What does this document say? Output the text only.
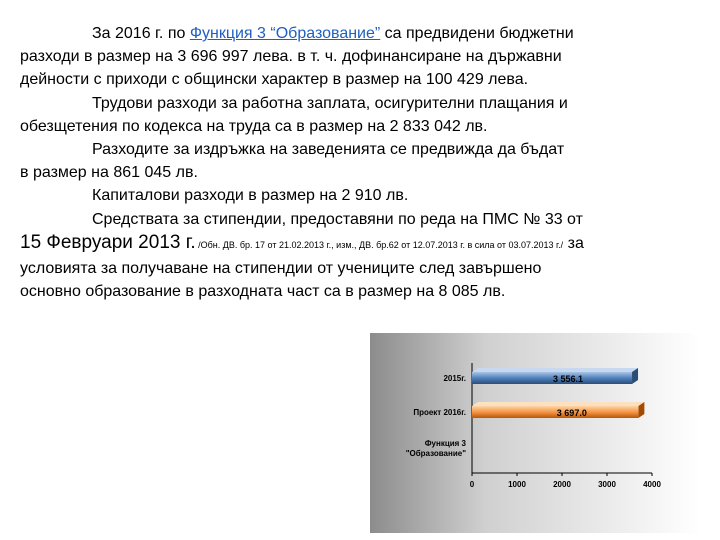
За 2016 г. по Функция 3 “Образование” са предвидени бюджетни
разходи в размер на 3 696 997 лева. в т. ч. дофинансиране на държавни
дейности с приходи с общински характер в размер на 100 429 лева.
Трудови разходи за работна заплата, осигурителни плащания и
обезщетения по кодекса на труда са в размер на 2 833 042 лв.
Разходите за издръжка на заведенията се предвижда да бъдат
в размер на 861 045 лв.
Капиталови разходи в размер на 2 910 лв.
Средствата за стипендии, предоставяни по реда на ПМС № 33 от
15 Февруари 2013 г. /Обн. ДВ. бр. 17 от 21.02.2013 г., изм., ДВ. бр.62 от 12.07.2013 г. в сила от 03.07.2013 г./ за
условията за получаване на стипендии от учениците след завършено
основно образование в разходната част са в размер на 8 085 лв.
0	1000	2000	3000	4000
2015г.
Проект 2016г.
Функция 3
"Образование"
3 556.1
3 697.0
